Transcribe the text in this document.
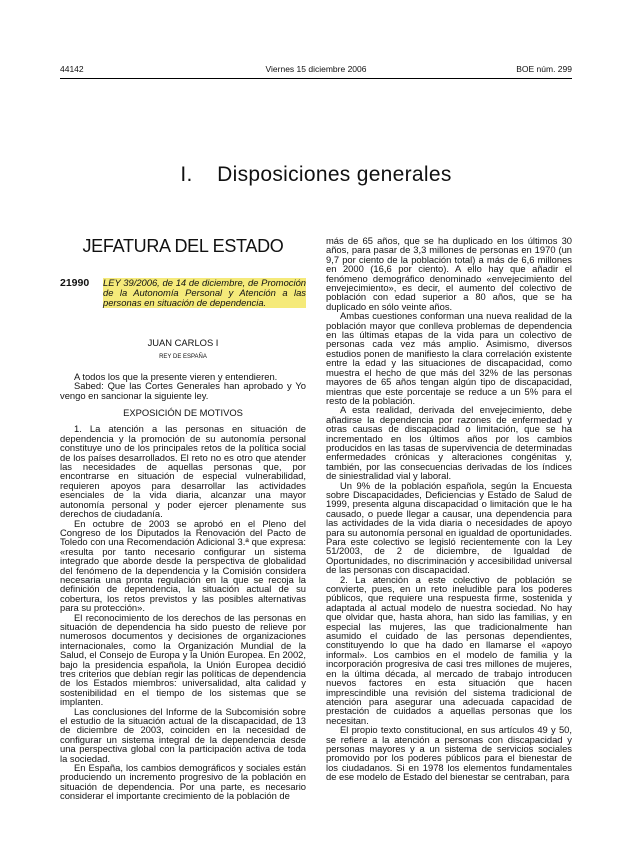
44142	Viernes 15 diciembre 2006	BOE núm. 299
I.    Disposiciones generales
JEFATURA DEL ESTADO
21990 LEY 39/2006, de 14 de diciembre, de Promoción de la Autonomía Personal y Atención a las personas en situación de dependencia.
JUAN CARLOS I
REY DE ESPAÑA

A todos los que la presente vieren y entendieren.

Sabed: Que las Cortes Generales han aprobado y Yo vengo en sancionar la siguiente ley.

EXPOSICIÓN DE MOTIVOS

1. La atención a las personas en situación de dependencia y la promoción de su autonomía personal constituye uno de los principales retos de la política social de los países desarrollados. El reto no es otro que atender las necesidades de aquellas personas que, por encontrarse en situación de especial vulnerabilidad, requieren apoyos para desarrollar las actividades esenciales de la vida diaria, alcanzar una mayor autonomía personal y poder ejercer plenamente sus derechos de ciudadanía.

En octubre de 2003 se aprobó en el Pleno del Congreso de los Diputados la Renovación del Pacto de Toledo con una Recomendación Adicional 3.ª que expresa: «resulta por tanto necesario configurar un sistema integrado que aborde desde la perspectiva de globalidad del fenómeno de la dependencia y la Comisión considera necesaria una pronta regulación en la que se recoja la definición de dependencia, la situación actual de su cobertura, los retos previstos y las posibles alternativas para su protección».

El reconocimiento de los derechos de las personas en situación de dependencia ha sido puesto de relieve por numerosos documentos y decisiones de organizaciones internacionales, como la Organización Mundial de la Salud, el Consejo de Europa y la Unión Europea. En 2002, bajo la presidencia española, la Unión Europea decidió tres criterios que debían regir las políticas de dependencia de los Estados miembros: universalidad, alta calidad y sostenibilidad en el tiempo de los sistemas que se implanten.

Las conclusiones del Informe de la Subcomisión sobre el estudio de la situación actual de la discapacidad, de 13 de diciembre de 2003, coinciden en la necesidad de configurar un sistema integral de la dependencia desde una perspectiva global con la participación activa de toda la sociedad.

En España, los cambios demográficos y sociales están produciendo un incremento progresivo de la población en situación de dependencia. Por una parte, es necesario considerar el importante crecimiento de la población de

más de 65 años, que se ha duplicado en los últimos 30 años, para pasar de 3,3 millones de personas en 1970 (un 9,7 por ciento de la población total) a más de 6,6 millones en 2000 (16,6 por ciento). A ello hay que añadir el fenómeno demográfico denominado «envejecimiento del envejecimiento», es decir, el aumento del colectivo de población con edad superior a 80 años, que se ha duplicado en sólo veinte años.

Ambas cuestiones conforman una nueva realidad de la población mayor que conlleva problemas de dependencia en las últimas etapas de la vida para un colectivo de personas cada vez más amplio. Asimismo, diversos estudios ponen de manifiesto la clara correlación existente entre la edad y las situaciones de discapacidad, como muestra el hecho de que más del 32% de las personas mayores de 65 años tengan algún tipo de discapacidad, mientras que este porcentaje se reduce a un 5% para el resto de la población.

A esta realidad, derivada del envejecimiento, debe añadirse la dependencia por razones de enfermedad y otras causas de discapacidad o limitación, que se ha incrementado en los últimos años por los cambios producidos en las tasas de supervivencia de determinadas enfermedades crónicas y alteraciones congénitas y, también, por las consecuencias derivadas de los índices de siniestralidad vial y laboral.

Un 9% de la población española, según la Encuesta sobre Discapacidades, Deficiencias y Estado de Salud de 1999, presenta alguna discapacidad o limitación que le ha causado, o puede llegar a causar, una dependencia para las actividades de la vida diaria o necesidades de apoyo para su autonomía personal en igualdad de oportunidades. Para este colectivo se legisló recientemente con la Ley 51/2003, de 2 de diciembre, de Igualdad de Oportunidades, no discriminación y accesibilidad universal de las personas con discapacidad.

2. La atención a este colectivo de población se convierte, pues, en un reto ineludible para los poderes públicos, que requiere una respuesta firme, sostenida y adaptada al actual modelo de nuestra sociedad. No hay que olvidar que, hasta ahora, han sido las familias, y en especial las mujeres, las que tradicionalmente han asumido el cuidado de las personas dependientes, constituyendo lo que ha dado en llamarse el «apoyo informal». Los cambios en el modelo de familia y la incorporación progresiva de casi tres millones de mujeres, en la última década, al mercado de trabajo introducen nuevos factores en esta situación que hacen imprescindible una revisión del sistema tradicional de atención para asegurar una adecuada capacidad de prestación de cuidados a aquellas personas que los necesitan.

El propio texto constitucional, en sus artículos 49 y 50, se refiere a la atención a personas con discapacidad y personas mayores y a un sistema de servicios sociales promovido por los poderes públicos para el bienestar de los ciudadanos. Si en 1978 los elementos fundamentales de ese modelo de Estado del bienestar se centraban, para
